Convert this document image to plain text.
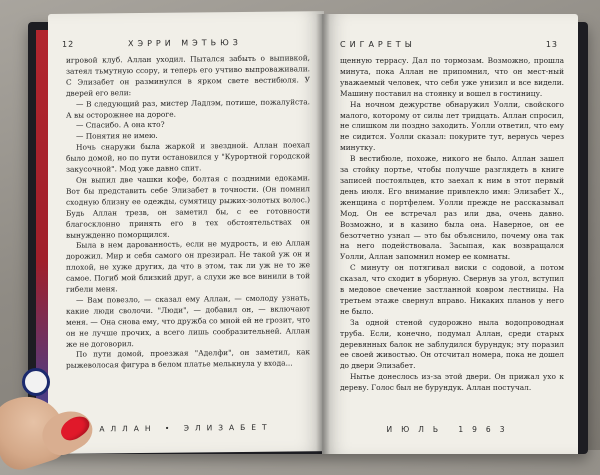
12	ХЭРРИ МЭТЬЮЗ

игровой клуб. Аллан уходил. Пытался забыть о выпивкой, затеял тьмутную ссору, и теперь его учтиво выпроваживали. С Элизабет он разминулся в ярком свете вестибюля. У дверей его вели:

— В следующий раз, мистер Ладлэм, потише, пожалуйста. А вы осторожнее на дороге.

— Спасибо. А она кто?

— Понятия не имею.

Ночь снаружи была жаркой и звездной. Аллан поехал было домой, но по пути остановился у "Курортной городской закусочной". Мод уже давно спит.

Он выпил две чашки кофе, болтая с поздними едоками. Вот бы представить себе Элизабет в точности. (Он помнил сходную близну ее одежды, сумятицу рыжих-золотых волос.) Будь Аллан трезв, он заметил бы, с ее готовности благосклонно принять его в тех обстоятельствах он вынужденно поморщился.

Была в нем дарованность, если не мудрость, и ею Аллан дорожил. Мир и себя самого он презирал. Не такой уж он и плохой, не хуже других, да что в этом, так ли уж не то же самое. Погиб мой близкий друг, а слухи же все винили в той гибели меня.

— Вам повезло, — сказал ему Аллан, — смолоду узнать, какие люди сволочи. "Люди", — добавил он, — включают меня. — Она снова ему, что дружба со мной ей не грозит, что он не лучше прочих, а всего лишь сообразительней. Аллан же не договорил.

По пути домой, проезжая "Аделфи", он заметил, как рыжеволосая фигура в белом платье мелькнула у входа...

АЛЛАН • ЭЛИЗАБЕТ
СИГАРЕТЫ	13

щенную террасу. Дал по тормозам. Возможно, прошла минута, пока Аллан не припомнил, что он мест-ный уважаемый человек, что себя уже унизил и все видели. Машину поставил на стоянку и вошел в гостиницу.

На ночном дежурстве обнаружил Уолли, свойского малого, которому от силы лет тридцать. Аллан спросил, не слишком ли поздно заходить. Уолли ответил, что ему не сидится. Уолли сказал: покурите тут, вернусь через минутку.

В вестибюле, похоже, никого не было. Аллан зашел за стойку портье, чтобы получше разглядеть в книге записей постояльцев, кто заехал к ним в этот первый день июля. Его внимание привлекло имя: Элизабет Х., женщина с портфелем. Уолли прежде не рассказывал Мод. Он ее встречал раз или два, очень давно. Возможно, и в казино была она. Наверное, он ее безотчетно узнал — это бы объяснило, почему она так на него подействовала. Засыпая, как возвращался Уолли, Аллан запомнил номер ее комнаты.

С минуту он потягивал виски с содовой, а потом сказал, что сходит в уборную. Свернув за угол, вступил в медовое свечение застланной ковром лестницы. На третьем этаже свернул вправо. Никаких планов у него не было.

За одной стеной судорожно ныла водопроводная труба. Если, конечно, подумал Аллан, среди старых деревянных балок не заблудился бурундук; эту поразил ее своей живостью. Он отсчитал номера, пока не дошел до двери Элизабет.

Нытье донеслось из-за этой двери. Он прижал ухо к дереву. Голос был не бурундук. Аллан постучал.

ИЮЛЬ 1963
